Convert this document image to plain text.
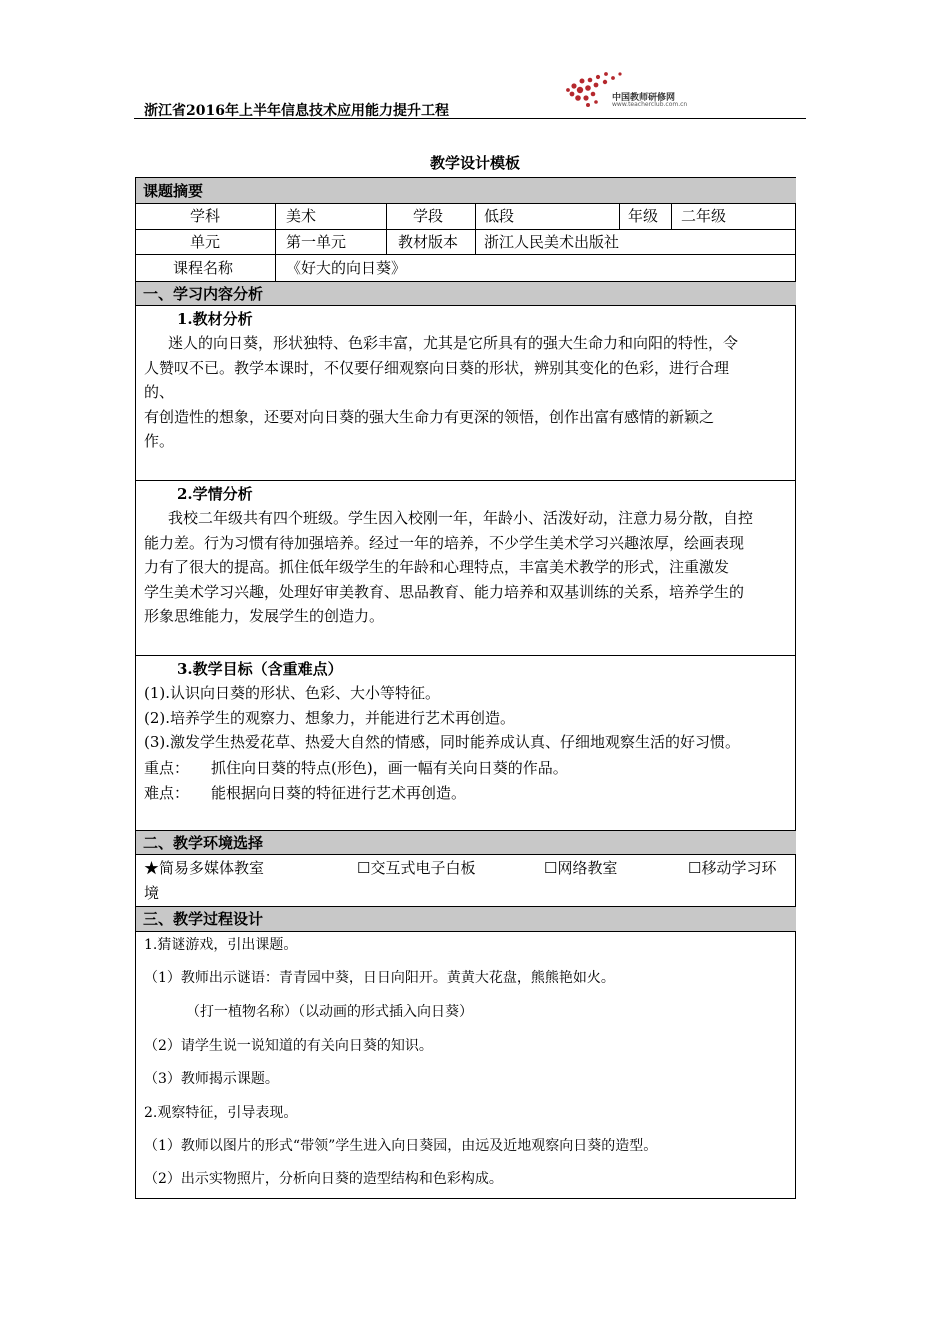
浙江省2016年上半年信息技术应用能力提升工程
中国教师研修网
www.teacherclub.com.cn
教学设计模板
课题摘要
学科	美术	学段	低段	年级 二年级
单元	第一单元	教材版本 浙江人民美术出版社
课程名称	《好大的向日葵》
一、学习内容分析
1.教材分析
迷人的向日葵，形状独特、色彩丰富，尤其是它所具有的强大生命力和向阳的特性，令
人赞叹不已。教学本课时，不仅要仔细观察向日葵的形状，辨别其变化的色彩，进行合理
的、
有创造性的想象，还要对向日葵的强大生命力有更深的领悟，创作出富有感情的新颖之
作。
2.学情分析
我校二年级共有四个班级。学生因入校刚一年，年龄小、活泼好动，注意力易分散，自控
能力差。行为习惯有待加强培养。经过一年的培养，不少学生美术学习兴趣浓厚，绘画表现
力有了很大的提高。抓住低年级学生的年龄和心理特点，丰富美术教学的形式，注重激发
学生美术学习兴趣，处理好审美教育、思品教育、能力培养和双基训练的关系，培养学生的
形象思维能力，发展学生的创造力。
3.教学目标（含重难点）
(1).认识向日葵的形状、色彩、大小等特征。
(2).培养学生的观察力、想象力，并能进行艺术再创造。
(3).激发学生热爱花草、热爱大自然的情感，同时能养成认真、仔细地观察生活的好习惯。
重点： 抓住向日葵的特点(形色)，画一幅有关向日葵的作品。
难点： 能根据向日葵的特征进行艺术再创造。
二、教学环境选择
★简易多媒体教室	☐交互式电子白板	☐网络教室	☐移动学习环
境
三、教学过程设计
1.猜谜游戏，引出课题。
（1）教师出示谜语：青青园中葵，日日向阳开。黄黄大花盘，熊熊艳如火。
（打一植物名称）（以动画的形式插入向日葵）
（2）请学生说一说知道的有关向日葵的知识。
（3）教师揭示课题。
2.观察特征，引导表现。
（1）教师以图片的形式“带领”学生进入向日葵园，由远及近地观察向日葵的造型。
（2）出示实物照片，分析向日葵的造型结构和色彩构成。
